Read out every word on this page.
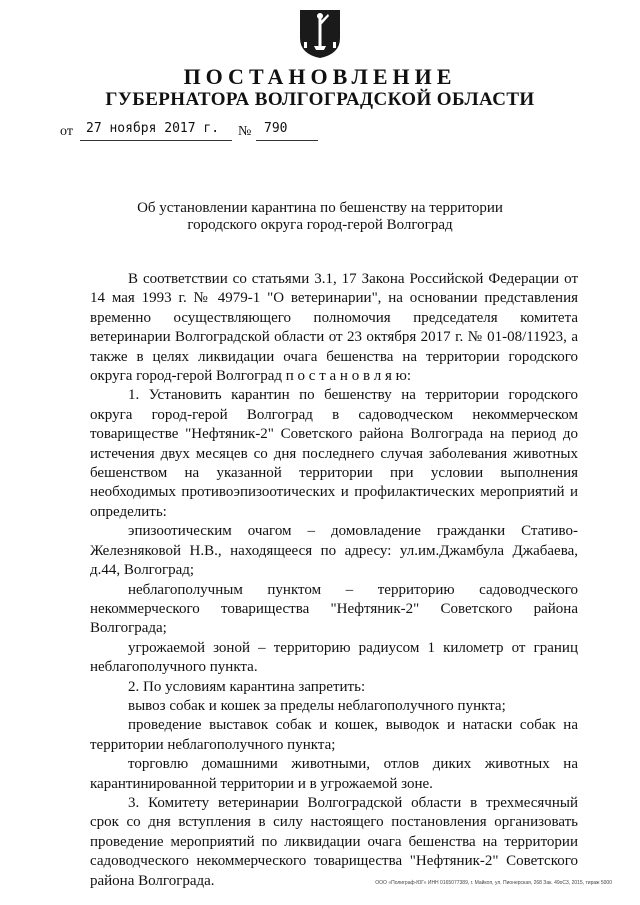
ПОСТАНОВЛЕНИЕ
ГУБЕРНАТОРА ВОЛГОГРАДСКОЙ ОБЛАСТИ
от 27 ноября 2017 г. № 790
Об установлении карантина по бешенству на территории
городского округа город-герой Волгоград

В соответствии со статьями 3.1, 17 Закона Российской Федерации от 14 мая 1993 г. № 4979-1 "О ветеринарии", на основании представления временно осуществляющего полномочия председателя комитета ветеринарии Волгоградской области от 23 октября 2017 г. № 01-08/11923, а также в целях ликвидации очага бешенства на территории городского округа город-герой Волгоград п о с т а н о в л я ю:

1. Установить карантин по бешенству на территории городского округа город-герой Волгоград в садоводческом некоммерческом товариществе "Нефтяник-2" Советского района Волгограда на период до истечения двух месяцев со дня последнего случая заболевания животных бешенством на указанной территории при условии выполнения необходимых противоэпизоотических и профилактических мероприятий и определить:

эпизоотическим очагом – домовладение гражданки Стативо-Железняковой Н.В., находящееся по адресу: ул.им.Джамбула Джабаева, д.44, Волгоград;

неблагополучным пунктом – территорию садоводческого некоммерческого товарищества "Нефтяник-2" Советского района Волгограда;

угрожаемой зоной – территорию радиусом 1 километр от границ неблагополучного пункта.

2. По условиям карантина запретить:

вывоз собак и кошек за пределы неблагополучного пункта;

проведение выставок собак и кошек, выводок и натаски собак на территории неблагополучного пункта;

торговлю домашними животными, отлов диких животных на карантинированной территории и в угрожаемой зоне.

3. Комитету ветеринарии Волгоградской области в трехмесячный срок со дня вступления в силу настоящего постановления организовать проведение мероприятий по ликвидации очага бешенства на территории садоводческого некоммерческого товарищества "Нефтяник-2" Советского района Волгограда.	ООО «Полиграф-ЮГ» ИНН 0165077389, г. Майкоп, ул. Пионерская, 268 Зак. 49оС3, 2015, тираж 5000
